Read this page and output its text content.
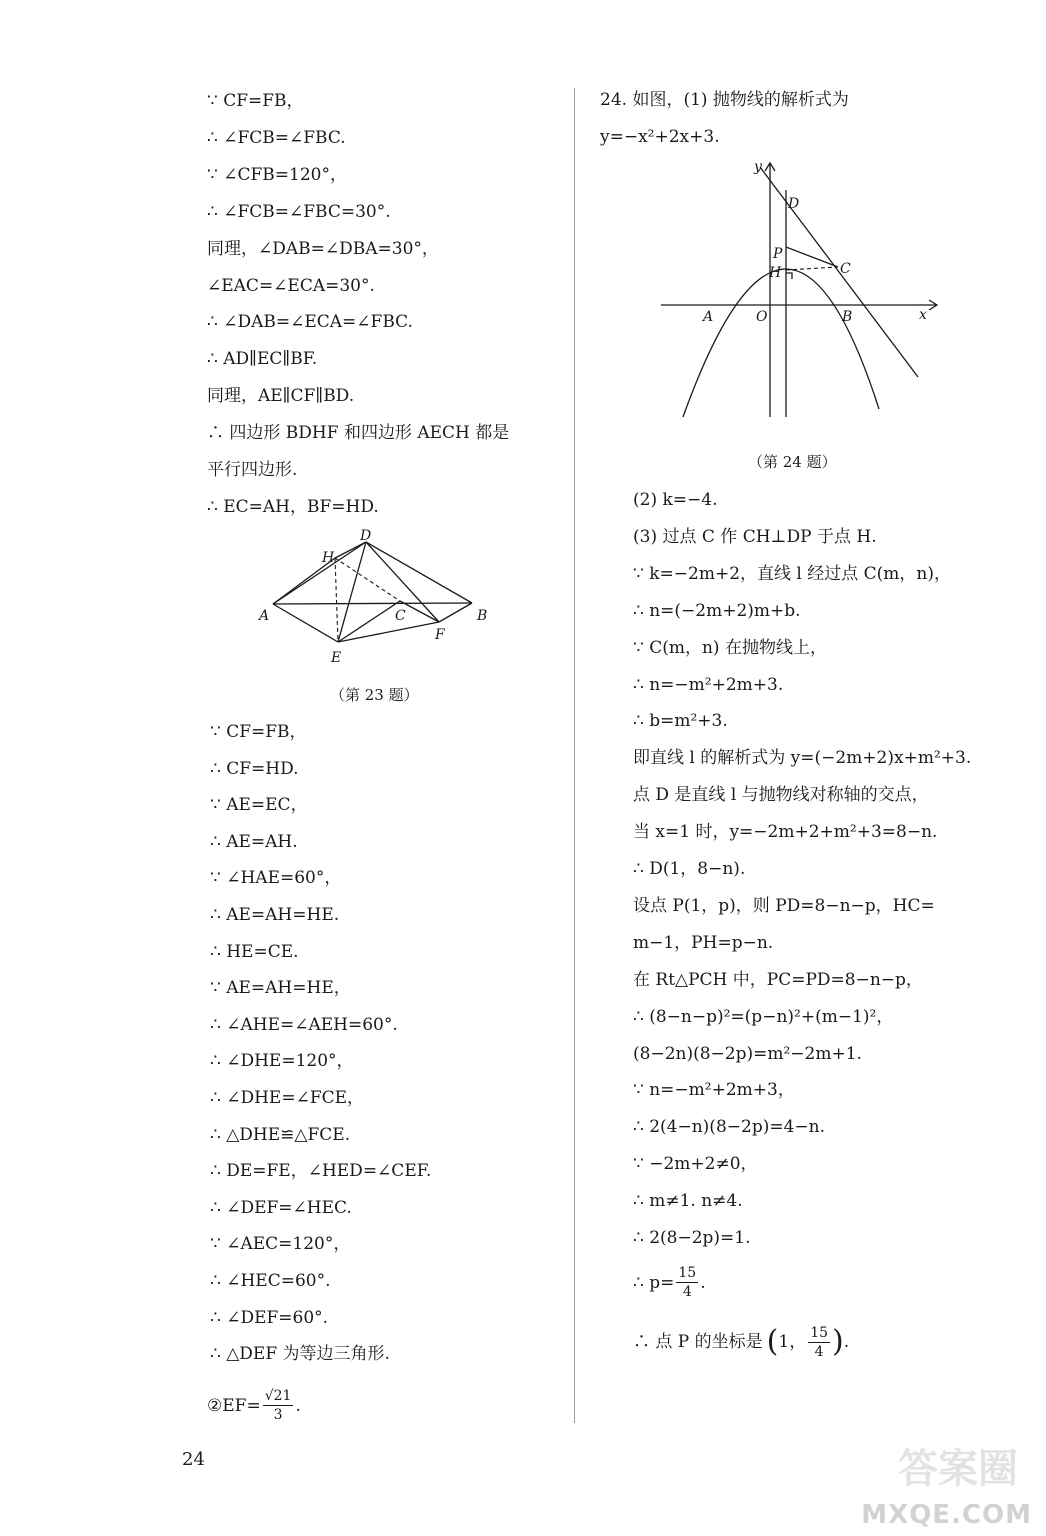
∵ CF=FB，
∴ ∠FCB=∠FBC.
∵ ∠CFB=120°，
∴ ∠FCB=∠FBC=30°.
同理，∠DAB=∠DBA=30°，
∠EAC=∠ECA=30°.
∴ ∠DAB=∠ECA=∠FBC.
∴ AD∥EC∥BF.
同理，AE∥CF∥BD.
∴ 四边形 BDHF 和四边形 AECH 都是
平行四边形.
∴ EC=AH，BF=HD.
A	B
C
D
E
F
H
（第 23 题）
∵ CF=FB，
∴ CF=HD.
∵ AE=EC，
∴ AE=AH.
∵ ∠HAE=60°，
∴ AE=AH=HE.
∴ HE=CE.
∵ AE=AH=HE，
∴ ∠AHE=∠AEH=60°.
∴ ∠DHE=120°，
∴ ∠DHE=∠FCE，
∴ △DHE≌△FCE.
∴ DE=FE，∠HED=∠CEF.
∴ ∠DEF=∠HEC.
∵ ∠AEC=120°，
∴ ∠HEC=60°.
∴ ∠DEF=60°.
∴ △DEF 为等边三角形.
②EF= $\frac{√21}{3}$ .
24. 如图，(1) 抛物线的解析式为
y=−x²+2x+3.
y
x
D
P
H	C
A	O	B
（第 24 题）
(2) k=−4.
(3) 过点 C 作 CH⊥DP 于点 H.
∵ k=−2m+2，直线 l 经过点 C(m，n)，
∴ n=(−2m+2)m+b.
∵ C(m，n) 在抛物线上，
∴ n=−m²+2m+3.
∴ b=m²+3.
即直线 l 的解析式为 y=(−2m+2)x+m²+3.
点 D 是直线 l 与抛物线对称轴的交点，
当 x=1 时，y=−2m+2+m²+3=8−n.
∴ D(1，8−n).
设点 P(1，p)，则 PD=8−n−p，HC=
m−1，PH=p−n.
在 Rt△PCH 中，PC=PD=8−n−p，
∴ (8−n−p)²=(p−n)²+(m−1)²，
(8−2n)(8−2p)=m²−2m+1.
∵ n=−m²+2m+3，
∴ 2(4−n)(8−2p)=4−n.
∵ −2m+2≠0，
∴ m≠1. n≠4.
∴ 2(8−2p)=1.
∴ $p= \frac{15}{4}$ .
∴ 点 P 的坐标是 (1， $\frac{15}{4}$ ).
24	答案圈
MXQE.COM
